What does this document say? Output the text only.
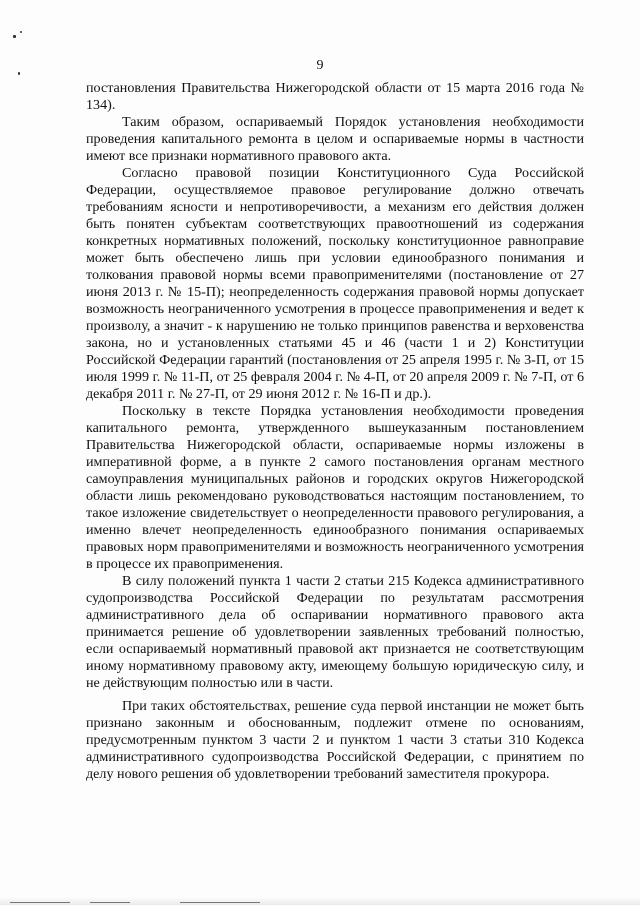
9

постановления Правительства Нижегородской области от 15 марта 2016 года № 134).

Таким образом, оспариваемый Порядок установления необходимости проведения капитального ремонта в целом и оспариваемые нормы в частности имеют все признаки нормативного правового акта.

Согласно правовой позиции Конституционного Суда Российской Федерации, осуществляемое правовое регулирование должно отвечать требованиям ясности и непротиворечивости, а механизм его действия должен быть понятен субъектам соответствующих правоотношений из содержания конкретных нормативных положений, поскольку конституционное равноправие может быть обеспечено лишь при условии единообразного понимания и толкования правовой нормы всеми правоприменителями (постановление от 27 июня 2013 г. № 15-П); неопределенность содержания правовой нормы допускает возможность неограниченного усмотрения в процессе правоприменения и ведет к произволу, а значит - к нарушению не только принципов равенства и верховенства закона, но и установленных статьями 45 и 46 (части 1 и 2) Конституции Российской Федерации гарантий (постановления от 25 апреля 1995 г. № 3-П, от 15 июля 1999 г. № 11-П, от 25 февраля 2004 г. № 4-П, от 20 апреля 2009 г. № 7-П, от 6 декабря 2011 г. № 27-П, от 29 июня 2012 г. № 16-П и др.).

Поскольку в тексте Порядка установления необходимости проведения капитального ремонта, утвержденного вышеуказанным постановлением Правительства Нижегородской области, оспариваемые нормы изложены в императивной форме, а в пункте 2 самого постановления органам местного самоуправления муниципальных районов и городских округов Нижегородской области лишь рекомендовано руководствоваться настоящим постановлением, то такое изложение свидетельствует о неопределенности правового регулирования, а именно влечет неопределенность единообразного понимания оспариваемых правовых норм правоприменителями и возможность неограниченного усмотрения в процессе их правоприменения.

В силу положений пункта 1 части 2 статьи 215 Кодекса административного судопроизводства Российской Федерации по результатам рассмотрения административного дела об оспаривании нормативного правового акта принимается решение об удовлетворении заявленных требований полностью, если оспариваемый нормативный правовой акт признается не соответствующим иному нормативному правовому акту, имеющему большую юридическую силу, и не действующим полностью или в части.

При таких обстоятельствах, решение суда первой инстанции не может быть признано законным и обоснованным, подлежит отмене по основаниям, предусмотренным пунктом 3 части 2 и пунктом 1 части 3 статьи 310 Кодекса административного судопроизводства Российской Федерации, с принятием по делу нового решения об удовлетворении требований заместителя прокурора.
